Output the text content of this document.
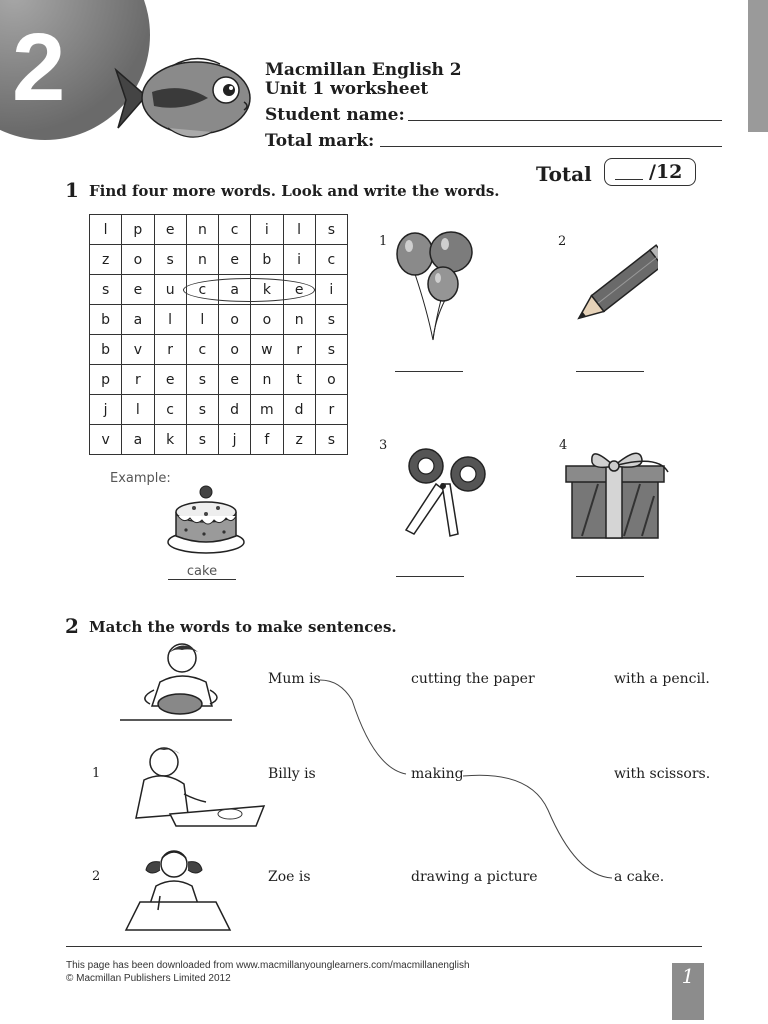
2	Macmillan English 2
Unit 1 worksheet
Student name:
Total mark:
Total	/12
1 Find four more words. Look and write the words.
l	p	e	n	c	i	l	s
z	o	s	n	e	b	i	c
s	e	u	c	a	k	e	i
b	a	l	l	o	o	n	s
b	v	r	c	o	w	r	s
p	r	e	s	e	n	t	o
j	l	c	s	d	m	d	r
v	a	k	s	j	f	z	s
Example:
cake
1	2
3	4
2 Match the words to make sentences.
1
2
Mum is	cutting the paper	with a pencil.
Billy is	making	with scissors.
Zoe is	drawing a picture	a cake.
This page has been downloaded from www.macmillanyounglearners.com/macmillanenglish
© Macmillan Publishers Limited 2012	1
